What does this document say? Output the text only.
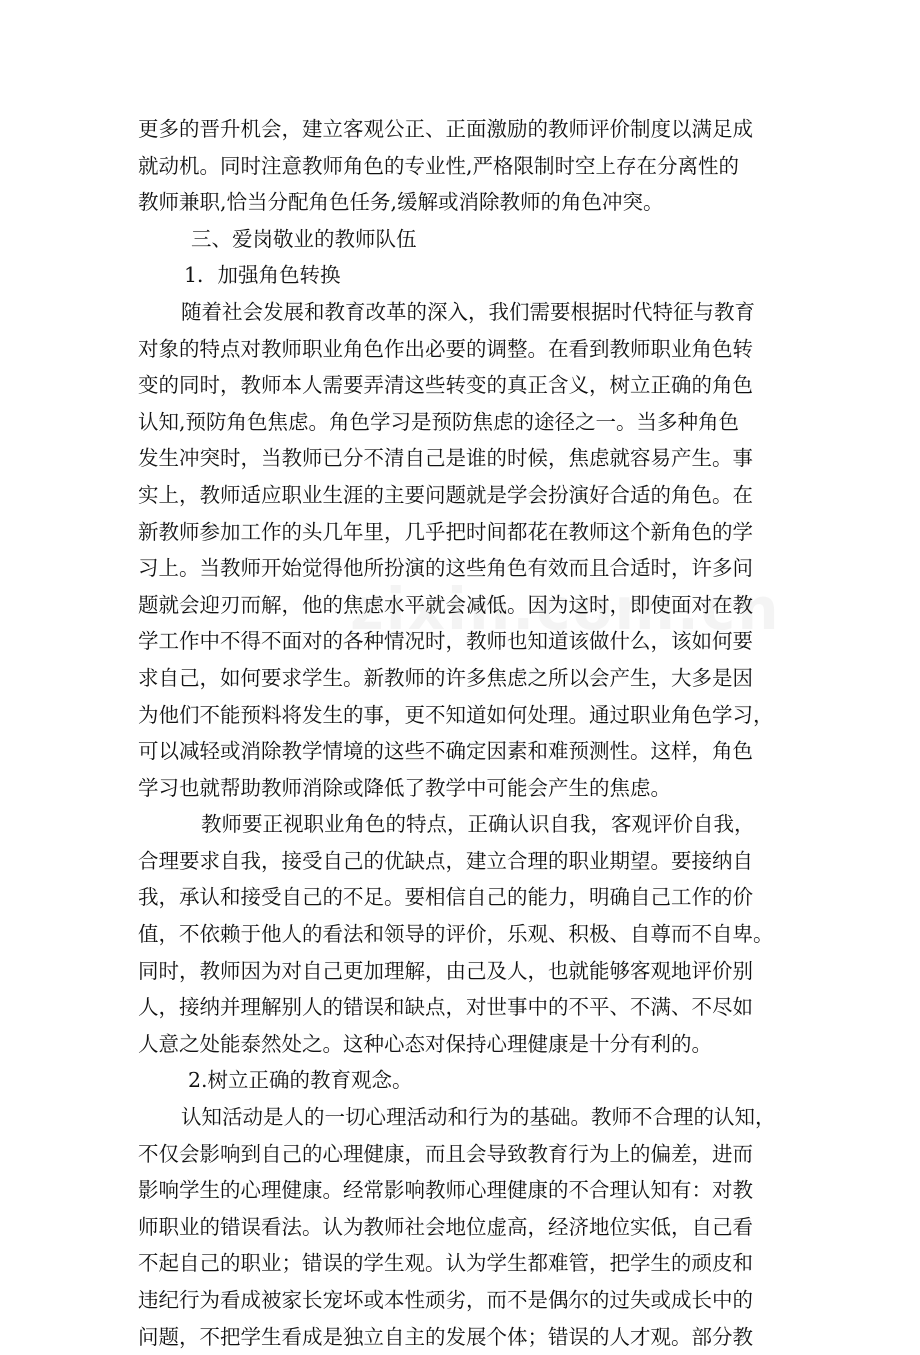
更多的晋升机会，建立客观公正、正面激励的教师评价制度以满足成
就动机。同时注意教师角色的专业性,严格限制时空上存在分离性的
教师兼职,恰当分配角色任务,缓解或消除教师的角色冲突。
三、爱岗敬业的教师队伍
1．加强角色转换
随着社会发展和教育改革的深入，我们需要根据时代特征与教育
对象的特点对教师职业角色作出必要的调整。在看到教师职业角色转
变的同时，教师本人需要弄清这些转变的真正含义，树立正确的角色
认知,预防角色焦虑。角色学习是预防焦虑的途径之一。当多种角色
发生冲突时，当教师已分不清自己是谁的时候，焦虑就容易产生。事
实上，教师适应职业生涯的主要问题就是学会扮演好合适的角色。在
新教师参加工作的头几年里，几乎把时间都花在教师这个新角色的学
习上。当教师开始觉得他所扮演的这些角色有效而且合适时，许多问
题就会迎刃而解，他的焦虑水平就会减低。因为这时，即使面对在教
学工作中不得不面对的各种情况时，教师也知道该做什么，该如何要
求自己，如何要求学生。新教师的许多焦虑之所以会产生，大多是因
为他们不能预料将发生的事，更不知道如何处理。通过职业角色学习，
可以减轻或消除教学情境的这些不确定因素和难预测性。这样，角色
学习也就帮助教师消除或降低了教学中可能会产生的焦虑。
教师要正视职业角色的特点，正确认识自我，客观评价自我，
合理要求自我，接受自己的优缺点，建立合理的职业期望。要接纳自
我，承认和接受自己的不足。要相信自己的能力，明确自己工作的价
值，不依赖于他人的看法和领导的评价，乐观、积极、自尊而不自卑。
同时，教师因为对自己更加理解，由己及人，也就能够客观地评价别
人，接纳并理解别人的错误和缺点，对世事中的不平、不满、不尽如
人意之处能泰然处之。这种心态对保持心理健康是十分有利的。
2.树立正确的教育观念。
认知活动是人的一切心理活动和行为的基础。教师不合理的认知，
不仅会影响到自己的心理健康，而且会导致教育行为上的偏差，进而
影响学生的心理健康。经常影响教师心理健康的不合理认知有：对教
师职业的错误看法。认为教师社会地位虚高，经济地位实低，自己看
不起自己的职业；错误的学生观。认为学生都难管，把学生的顽皮和
违纪行为看成被家长宠坏或本性顽劣，而不是偶尔的过失或成长中的
问题，不把学生看成是独立自主的发展个体；错误的人才观。部分教
